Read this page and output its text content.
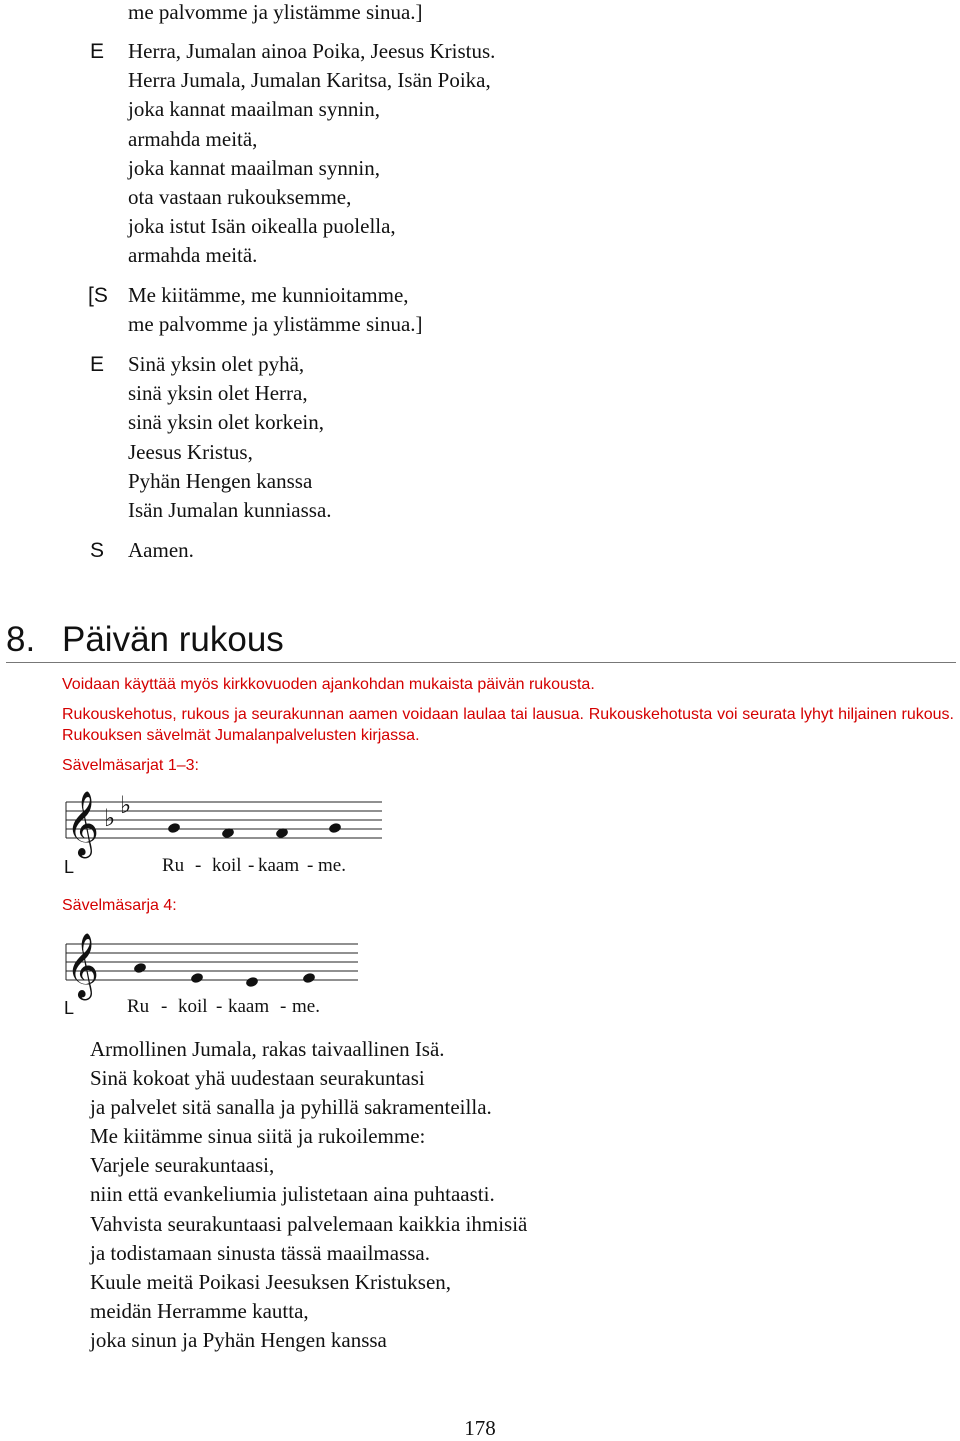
me palvomme ja ylistämme sinua.]
E Herra, Jumalan ainoa Poika, Jeesus Kristus.
Herra Jumala, Jumalan Karitsa, Isän Poika,
joka kannat maailman synnin,
armahda meitä,
joka kannat maailman synnin,
ota vastaan rukouksemme,
joka istut Isän oikealla puolella,
armahda meitä.
[S Me kiitämme, me kunnioitamme,
me palvomme ja ylistämme sinua.]
E Sinä yksin olet pyhä,
sinä yksin olet Herra,
sinä yksin olet korkein,
Jeesus Kristus,
Pyhän Hengen kanssa
Isän Jumalan kunniassa.
S Aamen.
8. Päivän rukous
Voidaan käyttää myös kirkkovuoden ajankohdan mukaista päivän rukousta.
Rukouskehotus, rukous ja seurakunnan aamen voidaan laulaa tai lausua. Rukouskehotusta voi seurata lyhyt hiljainen rukous. Rukouksen sävelmät Jumalanpalvelusten kirjassa.
Sävelmäsarjat 1–3:
𝄞 ♭ ♭
L	Ru - koil - kaam - me.
Sävelmäsarja 4:
𝄞
L	Ru - koil - kaam - me.
Armollinen Jumala, rakas taivaallinen Isä.
Sinä kokoat yhä uudestaan seurakuntasi
ja palvelet sitä sanalla ja pyhillä sakramenteilla.
Me kiitämme sinua siitä ja rukoilemme:
Varjele seurakuntaasi,
niin että evankeliumia julistetaan aina puhtaasti.
Vahvista seurakuntaasi palvelemaan kaikkia ihmisiä
ja todistamaan sinusta tässä maailmassa.
Kuule meitä Poikasi Jeesuksen Kristuksen,
meidän Herramme kautta,
joka sinun ja Pyhän Hengen kanssa
178
